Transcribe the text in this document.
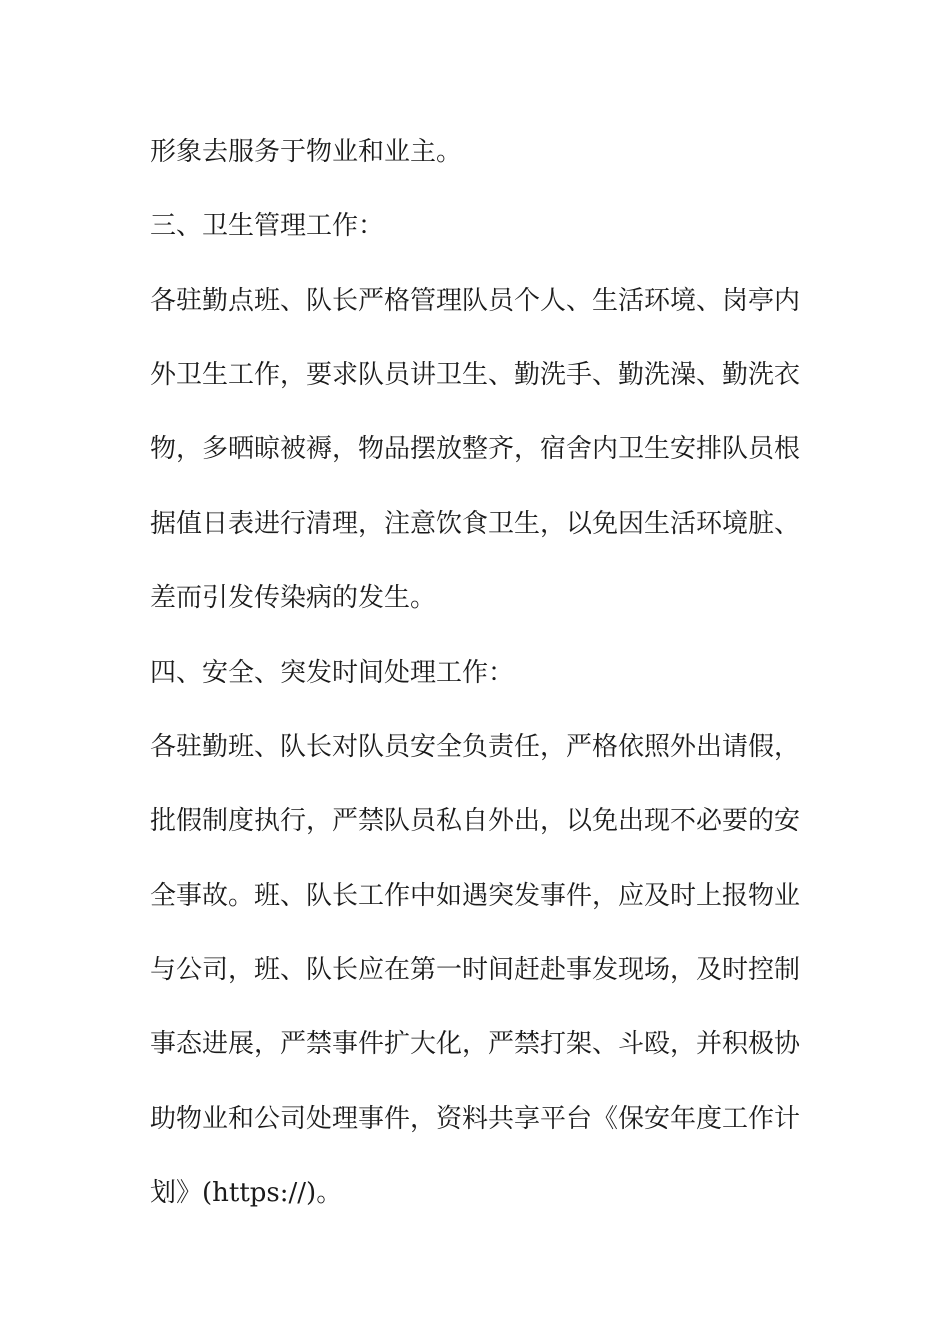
形象去服务于物业和业主。
三、卫生管理工作：
各驻勤点班、队长严格管理队员个人、生活环境、岗亭内
外卫生工作，要求队员讲卫生、勤洗手、勤洗澡、勤洗衣
物，多晒晾被褥，物品摆放整齐，宿舍内卫生安排队员根
据值日表进行清理，注意饮食卫生，以免因生活环境脏、
差而引发传染病的发生。
四、安全、突发时间处理工作：
各驻勤班、队长对队员安全负责任，严格依照外出请假，
批假制度执行，严禁队员私自外出，以免出现不必要的安
全事故。班、队长工作中如遇突发事件，应及时上报物业
与公司，班、队长应在第一时间赶赴事发现场，及时控制
事态进展，严禁事件扩大化，严禁打架、斗殴，并积极协
助物业和公司处理事件，资料共享平台《保安年度工作计
划》(https://)。
